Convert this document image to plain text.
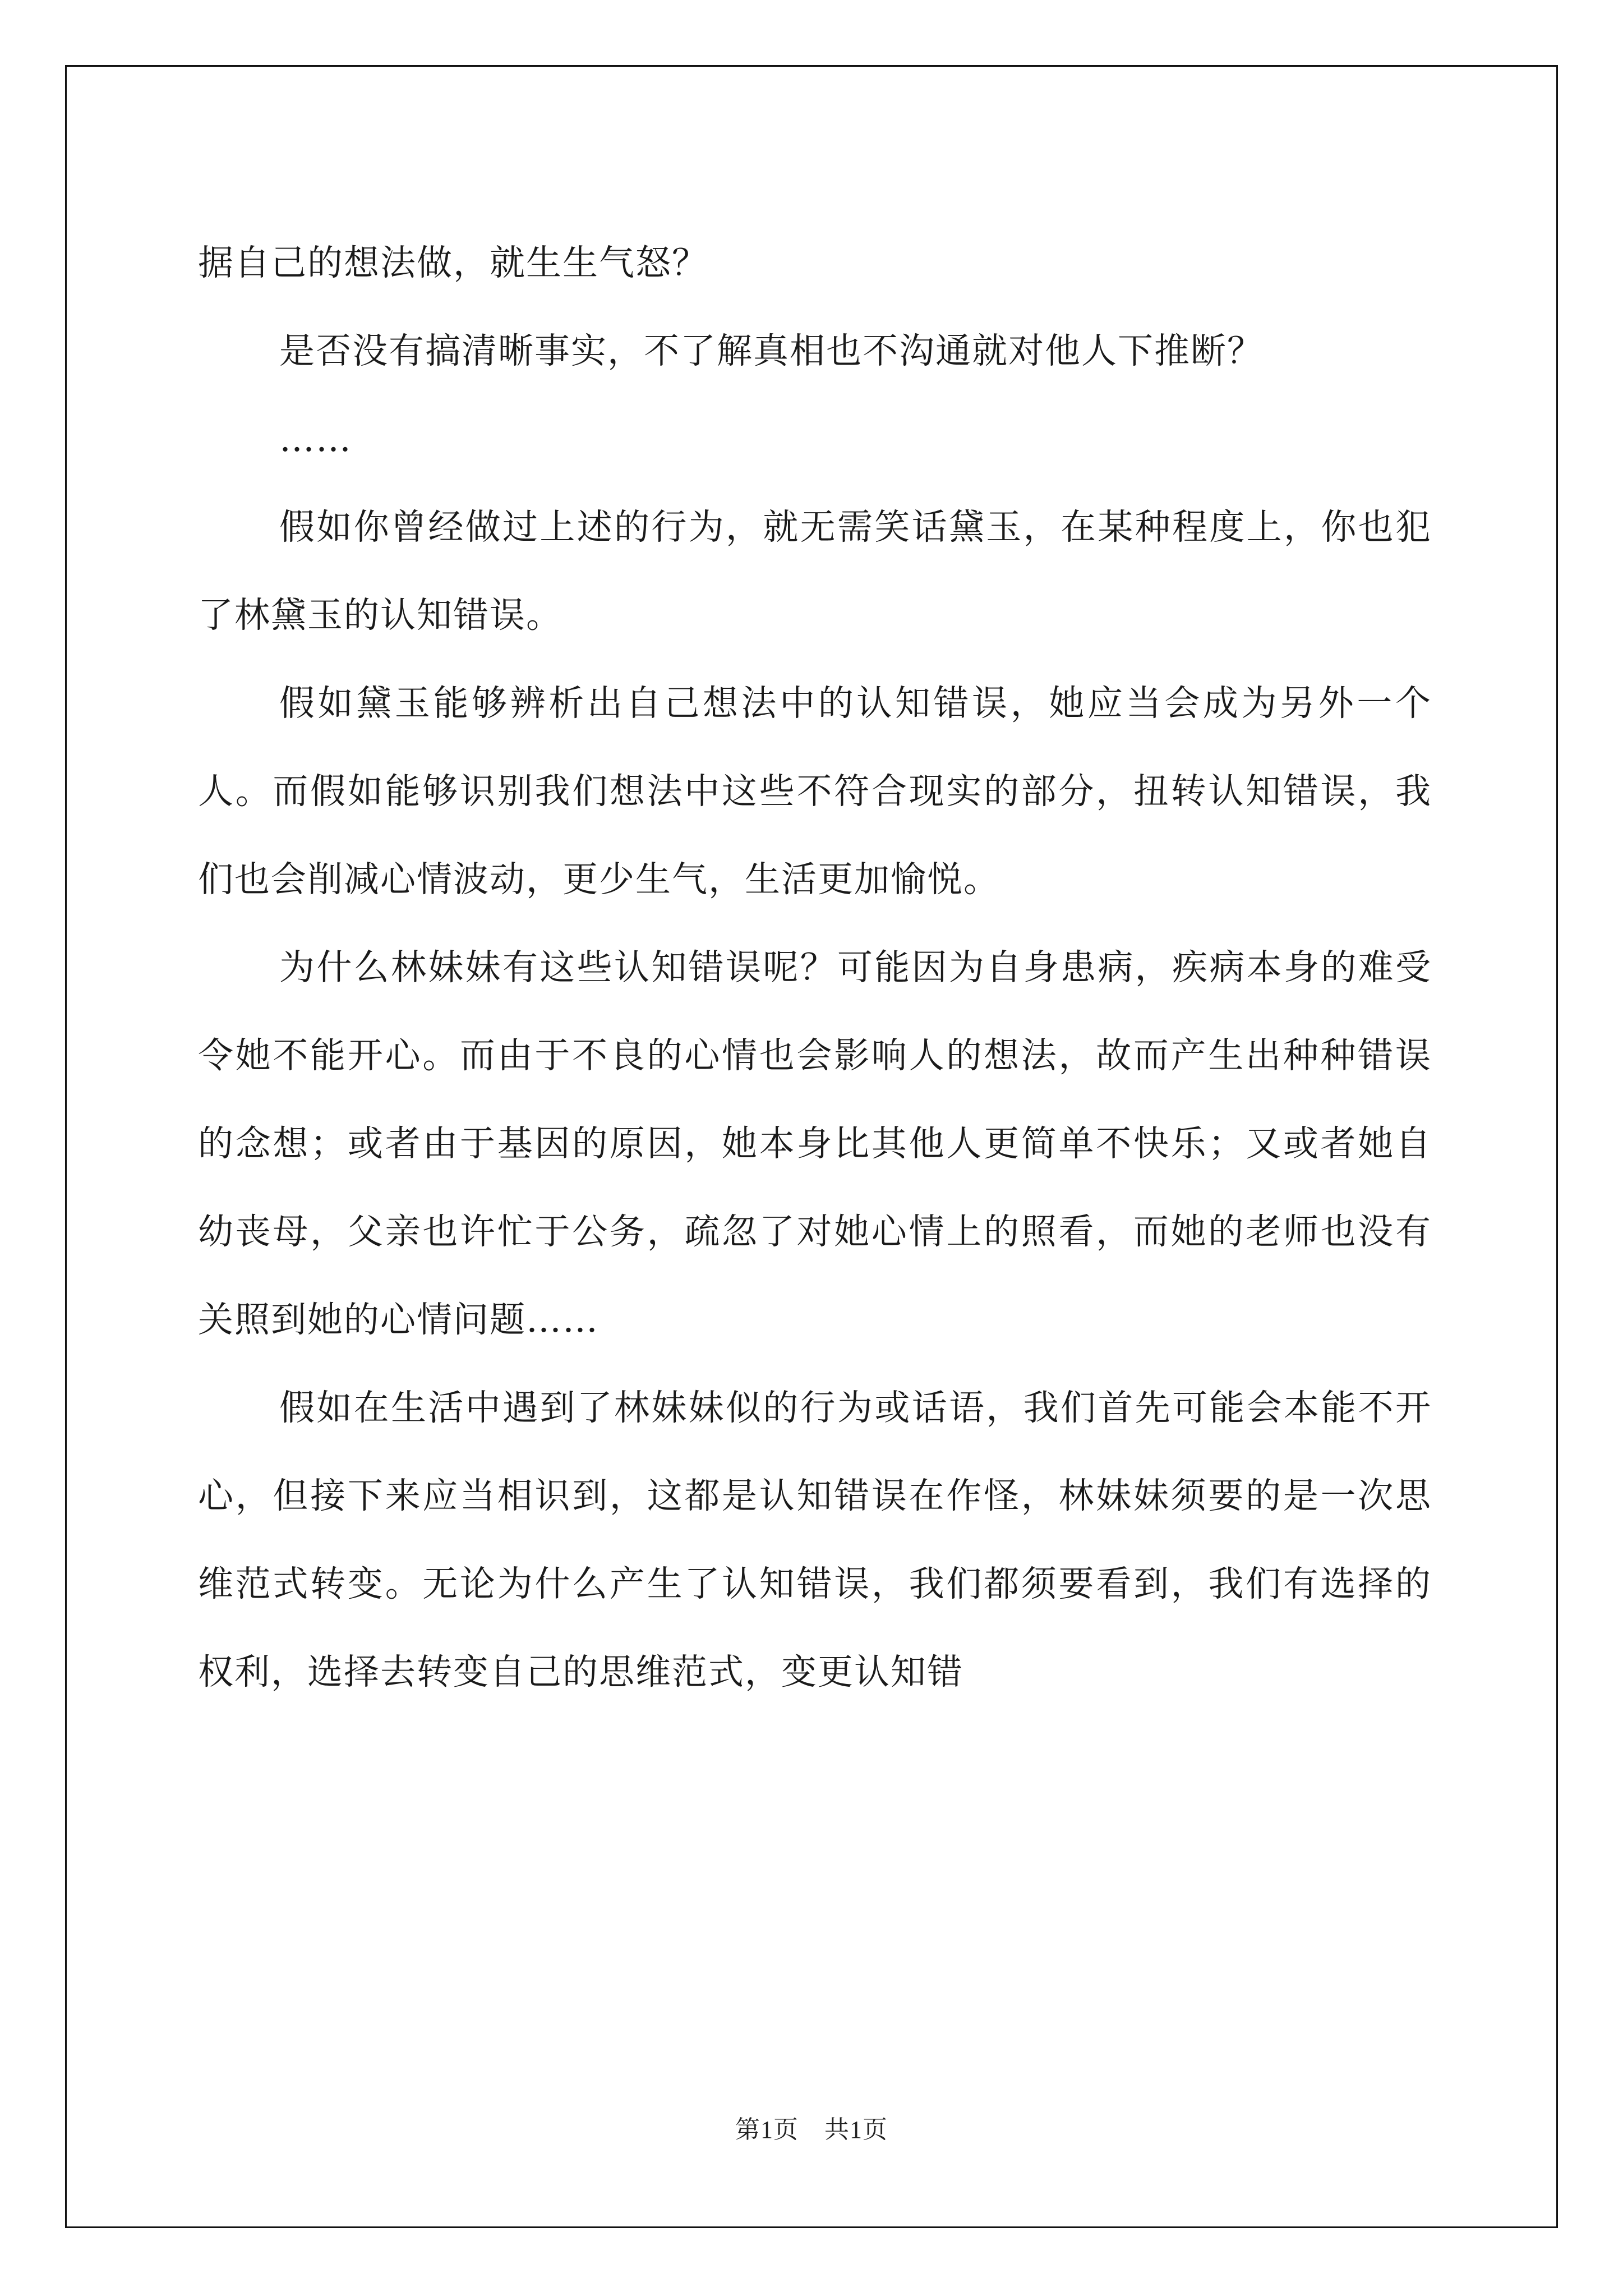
据自己的想法做，就生生气怒？

是否没有搞清晰事实，不了解真相也不沟通就对他人下推断？

……

假如你曾经做过上述的行为，就无需笑话黛玉，在某种程度上，你也犯了林黛玉的认知错误。

假如黛玉能够辨析出自己想法中的认知错误，她应当会成为另外一个人。而假如能够识别我们想法中这些不符合现实的部分，扭转认知错误，我们也会削减心情波动，更少生气，生活更加愉悦。

为什么林妹妹有这些认知错误呢？可能因为自身患病，疾病本身的难受令她不能开心。而由于不良的心情也会影响人的想法，故而产生出种种错误的念想；或者由于基因的原因，她本身比其他人更简单不快乐；又或者她自幼丧母，父亲也许忙于公务，疏忽了对她心情上的照看，而她的老师也没有关照到她的心情问题……

假如在生活中遇到了林妹妹似的行为或话语，我们首先可能会本能不开心，但接下来应当相识到，这都是认知错误在作怪，林妹妹须要的是一次思维范式转变。无论为什么产生了认知错误，我们都须要看到，我们有选择的权利，选择去转变自己的思维范式，变更认知错

第1页 共1页
